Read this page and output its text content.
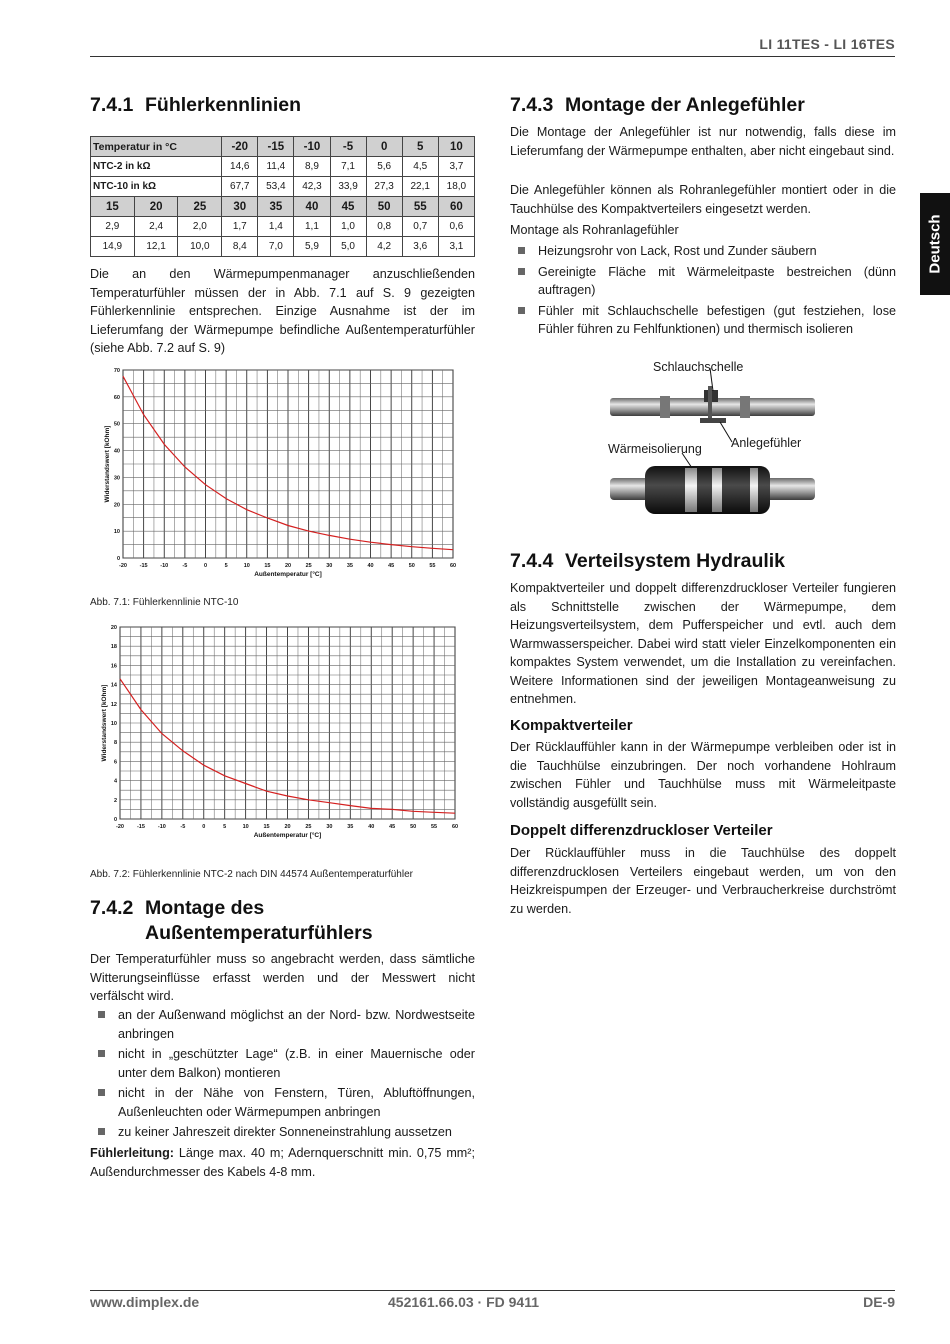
LI 11TES - LI 16TES
Deutsch
7.4.1 Fühlerkennlinien
Temperatur in °C			-20	-15	-10	-5	0	5	10
NTC-2 in kΩ			14,6	11,4	8,9	7,1	5,6	4,5	3,7
NTC-10 in kΩ			67,7	53,4	42,3	33,9	27,3	22,1	18,0
15	20	25	30	35	40	45	50	55	60
2,9	2,4	2,0	1,7	1,4	1,1	1,0	0,8	0,7	0,6
14,9	12,1	10,0	8,4	7,0	5,9	5,0	4,2	3,6	3,1

Die an den Wärmepumpenmanager anzuschließenden Temperaturfühler müssen der in Abb. 7.1 auf S. 9 gezeigten Fühlerkennlinie entsprechen. Einzige Ausnahme ist der im Lieferumfang der Wärmepumpe befindliche Außentemperaturfühler (siehe Abb. 7.2 auf S. 9)

-20 -15 -10	-5	0	5	10	15	20	25	30	35	40	45	50	55	60
0
10
20
30
40
50
60
70
Außentemperatur [°C]
Widerstandswert [kOhm]
Abb. 7.1: Fühlerkennlinie NTC-10
-20 -15 -10	-5	0	5	10	15	20	25	30	35	40	45	50	55	60
0
2
4
6
8
10
12
14
16
18
20
Außentemperatur [°C]
Widerstandswert [kOhm]
Abb. 7.2: Fühlerkennlinie NTC-2 nach DIN 44574 Außentemperaturfühler
7.4.2 Montage des
Außentemperaturfühlers

Der Temperaturfühler muss so angebracht werden, dass sämtliche Witterungseinflüsse erfasst werden und der Messwert nicht verfälscht wird.

an der Außenwand möglichst an der Nord- bzw. Nordwestseite anbringen
nicht in „geschützter Lage“ (z.B. in einer Mauernische oder unter dem Balkon) montieren
nicht in der Nähe von Fenstern, Türen, Abluftöffnungen, Außenleuchten oder Wärmepumpen anbringen
zu keiner Jahreszeit direkter Sonneneinstrahlung aussetzen

Fühlerleitung: Länge max. 40 m; Adernquerschnitt min. 0,75 mm²; Außendurchmesser des Kabels 4-8 mm.

7.4.3 Montage der Anlegefühler

Die Montage der Anlegefühler ist nur notwendig, falls diese im Lieferumfang der Wärmepumpe enthalten, aber nicht eingebaut sind.

Die Anlegefühler können als Rohranlegefühler montiert oder in die Tauchhülse des Kompaktverteilers eingesetzt werden.

Montage als Rohranlagefühler

Heizungsrohr von Lack, Rost und Zunder säubern
Gereinigte Fläche mit Wärmeleitpaste bestreichen (dünn auftragen)
Fühler mit Schlauchschelle befestigen (gut festziehen, lose Fühler führen zu Fehlfunktionen) und thermisch isolieren
Schlauchschelle
Wärmeisolierung Anlegefühler
7.4.4 Verteilsystem Hydraulik

Kompaktverteiler und doppelt differenzdruckloser Verteiler fungieren als Schnittstelle zwischen der Wärmepumpe, dem Heizungsverteilsystem, dem Pufferspeicher und evtl. auch dem Warmwasserspeicher. Dabei wird statt vieler Einzelkomponenten ein kompaktes System verwendet, um die Installation zu vereinfachen. Weitere Informationen sind der jeweiligen Montageanweisung zu entnehmen.

Kompaktverteiler

Der Rücklauffühler kann in der Wärmepumpe verbleiben oder ist in die Tauchhülse einzubringen. Der noch vorhandene Hohlraum zwischen Fühler und Tauchhülse muss mit Wärmeleitpaste vollständig ausgefüllt sein.

Doppelt differenzdruckloser Verteiler

Der Rücklauffühler muss in die Tauchhülse des doppelt differenzdrucklosen Verteilers eingebaut werden, um von den Heizkreispumpen der Erzeuger- und Verbraucherkreise durchströmt zu werden.

www.dimplex.de	452161.66.03 · FD 9411	DE-9
